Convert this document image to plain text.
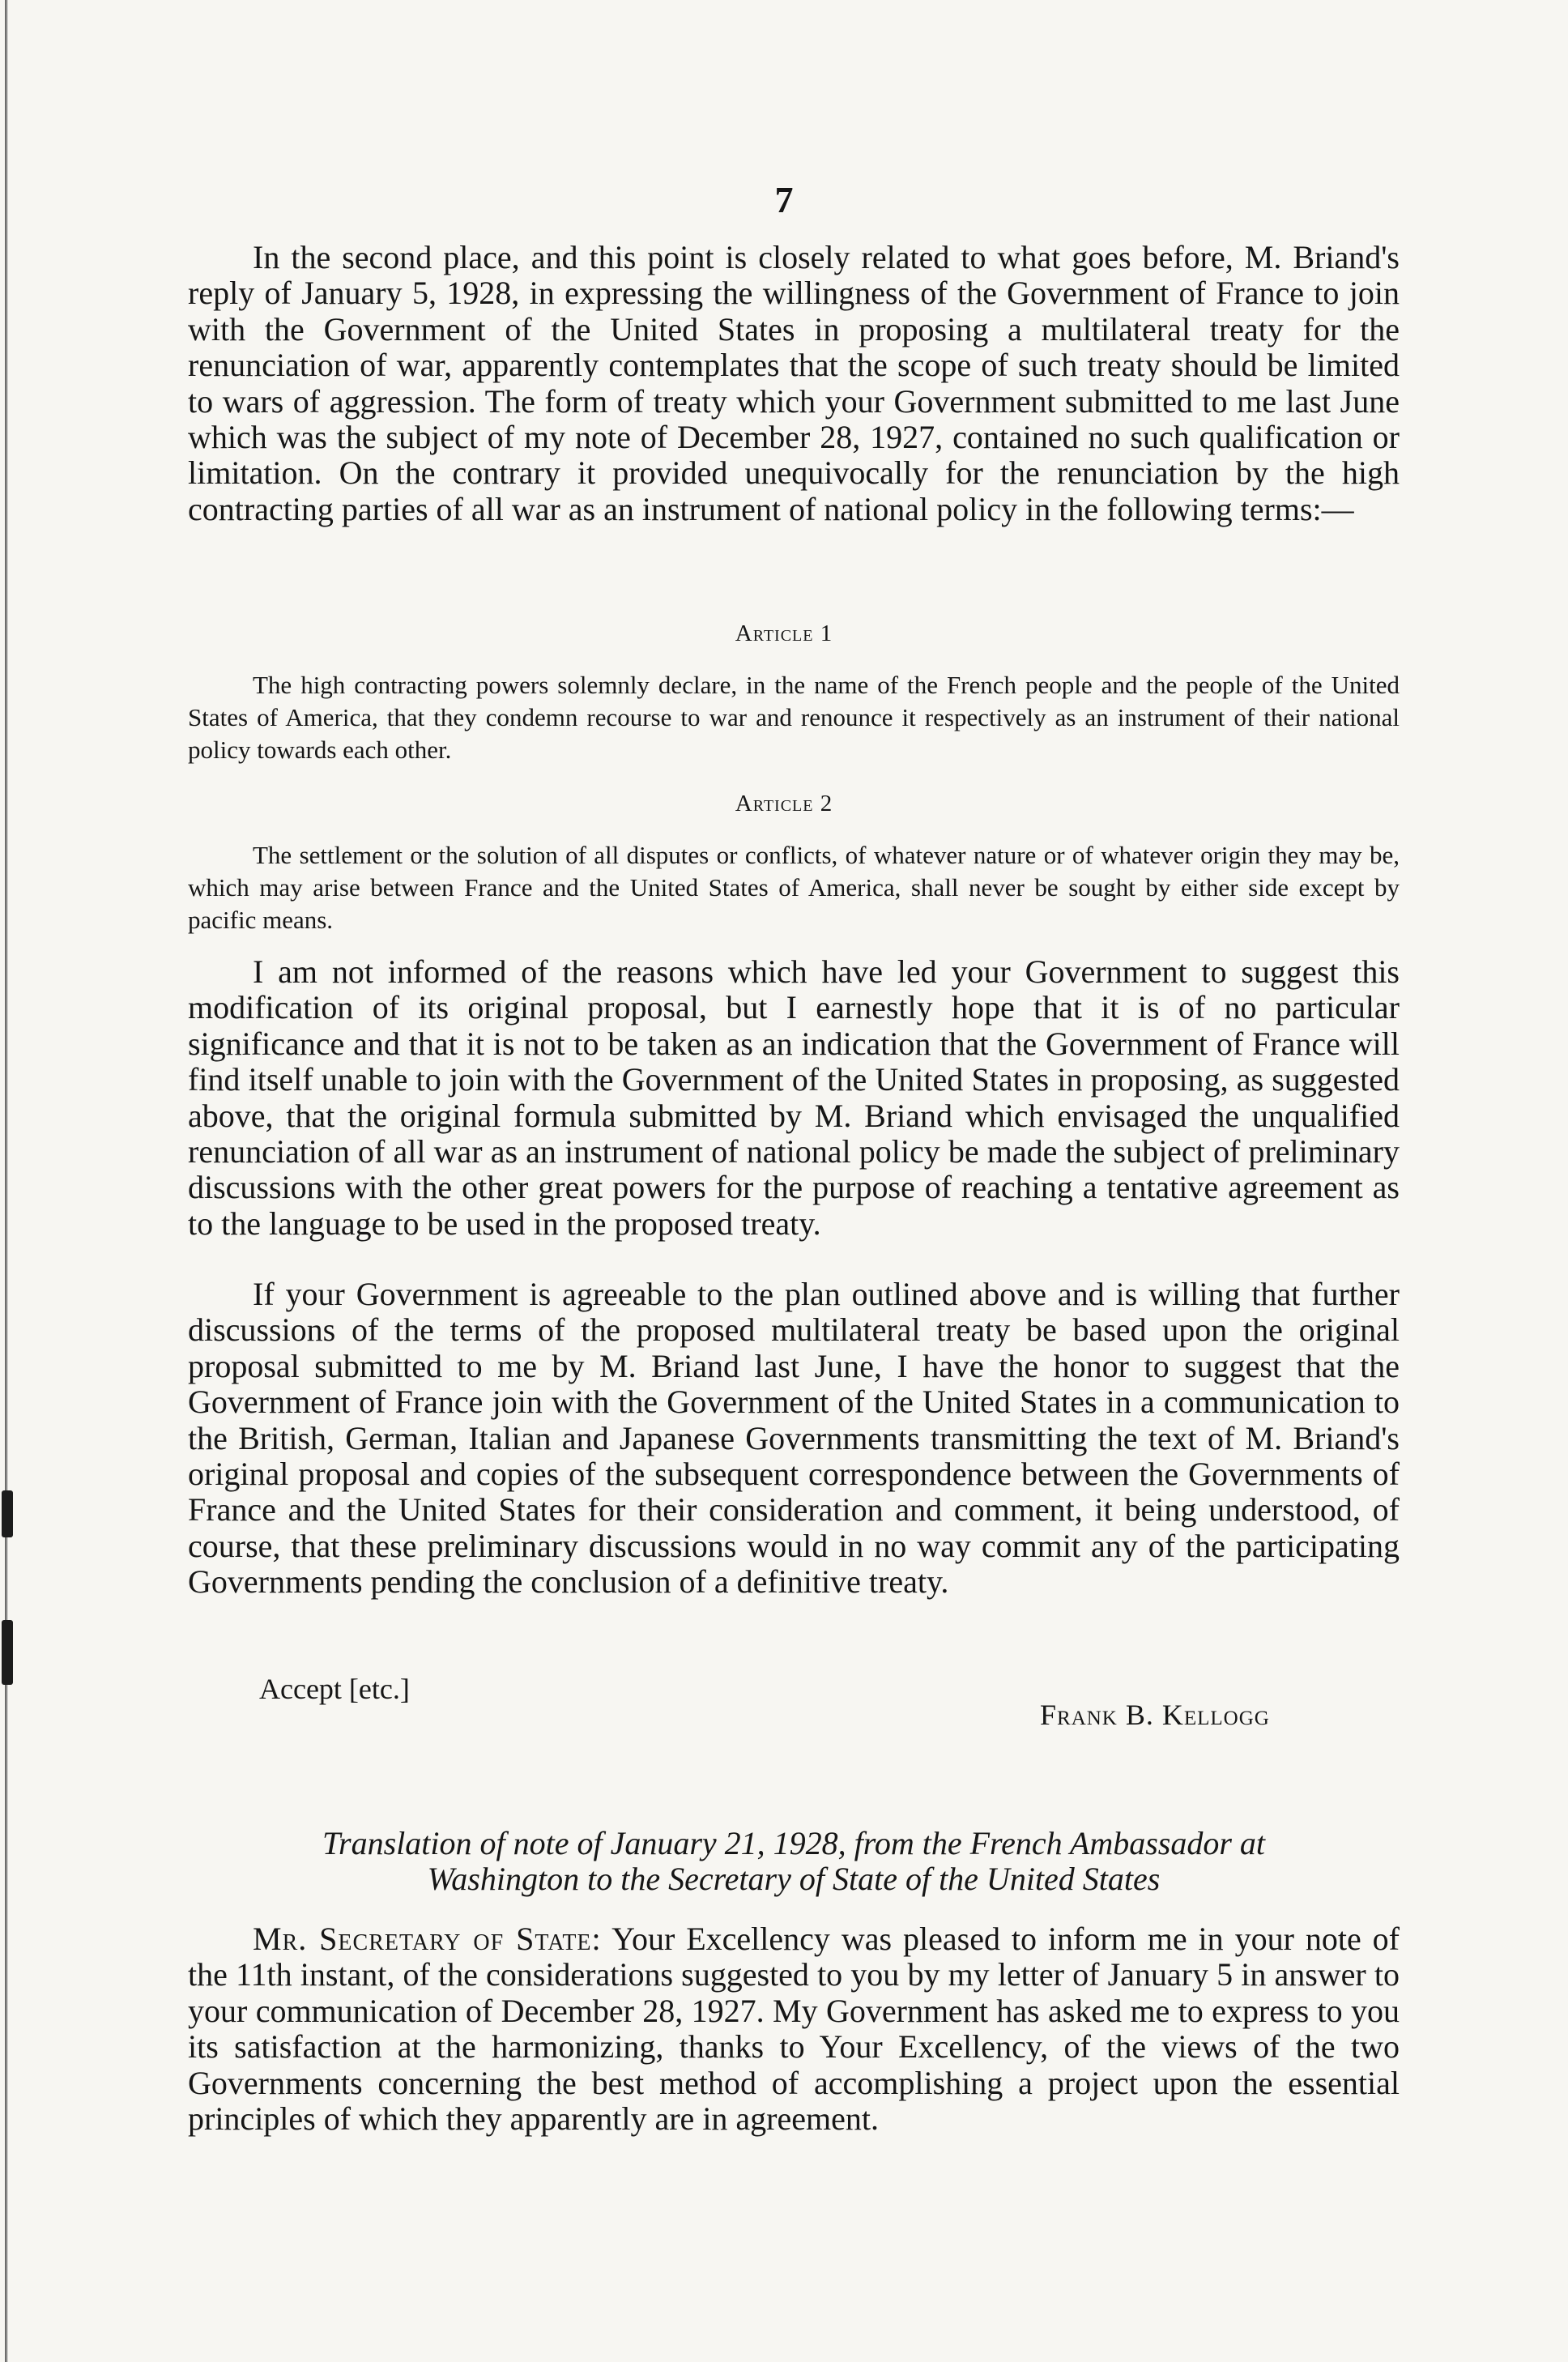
7

In the second place, and this point is closely related to what goes before, M. Briand's reply of January 5, 1928, in expressing the willingness of the Government of France to join with the Government of the United States in proposing a multilateral treaty for the renunciation of war, apparently contemplates that the scope of such treaty should be limited to wars of aggression. The form of treaty which your Government submitted to me last June which was the subject of my note of December 28, 1927, contained no such qualification or limitation. On the contrary it provided unequivocally for the renunciation by the high contracting parties of all war as an instrument of national policy in the following terms:—

Article 1

The high contracting powers solemnly declare, in the name of the French people and the people of the United States of America, that they condemn recourse to war and renounce it respectively as an instrument of their national policy towards each other.

Article 2

The settlement or the solution of all disputes or conflicts, of whatever nature or of whatever origin they may be, which may arise between France and the United States of America, shall never be sought by either side except by pacific means.

I am not informed of the reasons which have led your Government to suggest this modification of its original proposal, but I earnestly hope that it is of no particular significance and that it is not to be taken as an indication that the Government of France will find itself unable to join with the Government of the United States in proposing, as suggested above, that the original formula submitted by M. Briand which envisaged the unqualified renunciation of all war as an instrument of national policy be made the subject of preliminary discussions with the other great powers for the purpose of reaching a tentative agreement as to the language to be used in the proposed treaty.

If your Government is agreeable to the plan outlined above and is willing that further discussions of the terms of the proposed multilateral treaty be based upon the original proposal submitted to me by M. Briand last June, I have the honor to suggest that the Government of France join with the Government of the United States in a communication to the British, German, Italian and Japanese Governments transmitting the text of M. Briand's original proposal and copies of the subsequent correspondence between the Governments of France and the United States for their consideration and comment, it being understood, of course, that these preliminary discussions would in no way commit any of the participating Governments pending the conclusion of a definitive treaty.

Accept [etc.]
Frank B. Kellogg
Translation of note of January 21, 1928, from the French Ambassador at
Washington to the Secretary of State of the United States

Mr. Secretary of State: Your Excellency was pleased to inform me in your note of the 11th instant, of the considerations suggested to you by my letter of January 5 in answer to your communication of December 28, 1927. My Government has asked me to express to you its satisfaction at the harmonizing, thanks to Your Excellency, of the views of the two Governments concerning the best method of accomplishing a project upon the essential principles of which they apparently are in agreement.
